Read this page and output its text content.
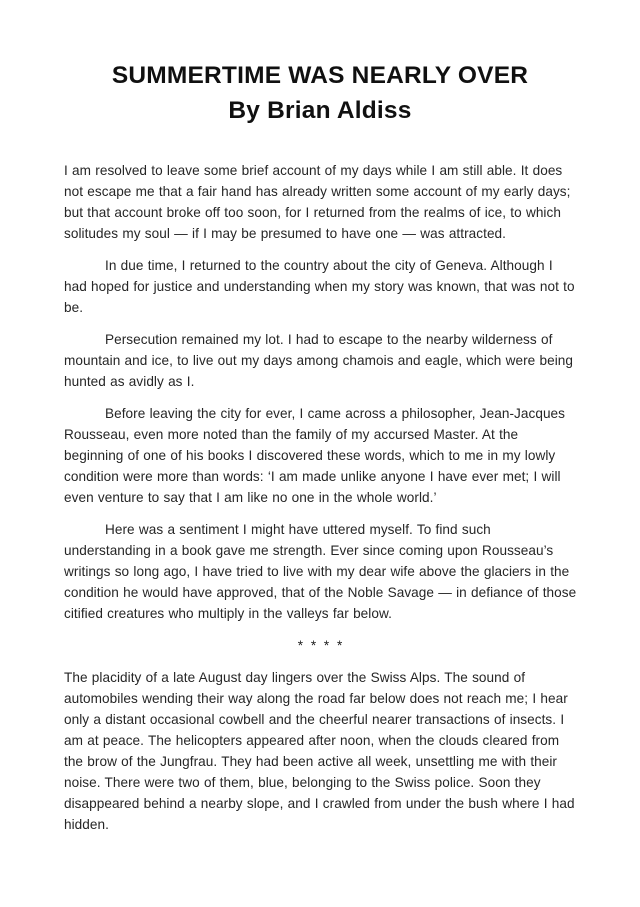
SUMMERTIME WAS NEARLY OVER
By Brian Aldiss

I am resolved to leave some brief account of my days while I am still able. It does not escape me that a fair hand has already written some account of my early days; but that account broke off too soon, for I returned from the realms of ice, to which solitudes my soul — if I may be presumed to have one — was attracted.

In due time, I returned to the country about the city of Geneva. Although I had hoped for justice and understanding when my story was known, that was not to be.

Persecution remained my lot. I had to escape to the nearby wilderness of mountain and ice, to live out my days among chamois and eagle, which were being hunted as avidly as I.

Before leaving the city for ever, I came across a philosopher, Jean-Jacques Rousseau, even more noted than the family of my accursed Master. At the beginning of one of his books I discovered these words, which to me in my lowly condition were more than words: ‘I am made unlike anyone I have ever met; I will even venture to say that I am like no one in the whole world.’

Here was a sentiment I might have uttered myself. To find such understanding in a book gave me strength. Ever since coming upon Rousseau’s writings so long ago, I have tried to live with my dear wife above the glaciers in the condition he would have approved, that of the Noble Savage — in defiance of those citified creatures who multiply in the valleys far below.

* * * *

The placidity of a late August day lingers over the Swiss Alps. The sound of automobiles wending their way along the road far below does not reach me; I hear only a distant occasional cowbell and the cheerful nearer transactions of insects. I am at peace. The helicopters appeared after noon, when the clouds cleared from the brow of the Jungfrau. They had been active all week, unsettling me with their noise. There were two of them, blue, belonging to the Swiss police. Soon they disappeared behind a nearby slope, and I crawled from under the bush where I had hidden.
